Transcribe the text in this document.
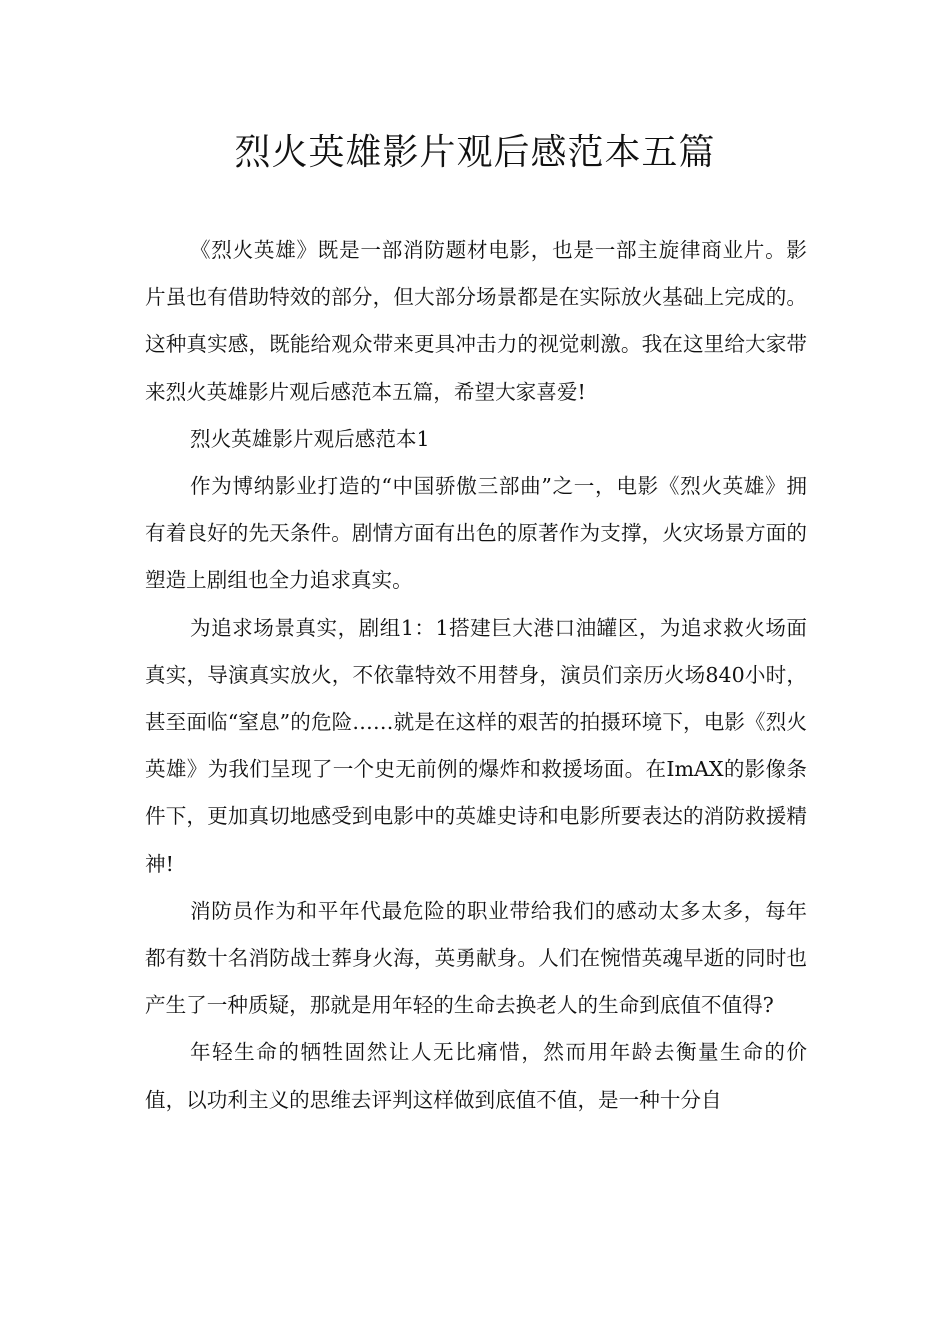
烈火英雄影片观后感范本五篇

《烈火英雄》既是一部消防题材电影，也是一部主旋律商业片。影片虽也有借助特效的部分，但大部分场景都是在实际放火基础上完成的。这种真实感，既能给观众带来更具冲击力的视觉刺激。我在这里给大家带来烈火英雄影片观后感范本五篇，希望大家喜爱!

烈火英雄影片观后感范本1

作为博纳影业打造的“中国骄傲三部曲”之一，电影《烈火英雄》拥有着良好的先天条件。剧情方面有出色的原著作为支撑，火灾场景方面的塑造上剧组也全力追求真实。

为追求场景真实，剧组1：1搭建巨大港口油罐区，为追求救火场面真实，导演真实放火，不依靠特效不用替身，演员们亲历火场840小时，甚至面临“窒息”的危险……就是在这样的艰苦的拍摄环境下，电影《烈火英雄》为我们呈现了一个史无前例的爆炸和救援场面。在ImAX的影像条件下，更加真切地感受到电影中的英雄史诗和电影所要表达的消防救援精神!

消防员作为和平年代最危险的职业带给我们的感动太多太多，每年都有数十名消防战士葬身火海，英勇献身。人们在惋惜英魂早逝的同时也产生了一种质疑，那就是用年轻的生命去换老人的生命到底值不值得?

年轻生命的牺牲固然让人无比痛惜，然而用年龄去衡量生命的价值，以功利主义的思维去评判这样做到底值不值，是一种十分自
